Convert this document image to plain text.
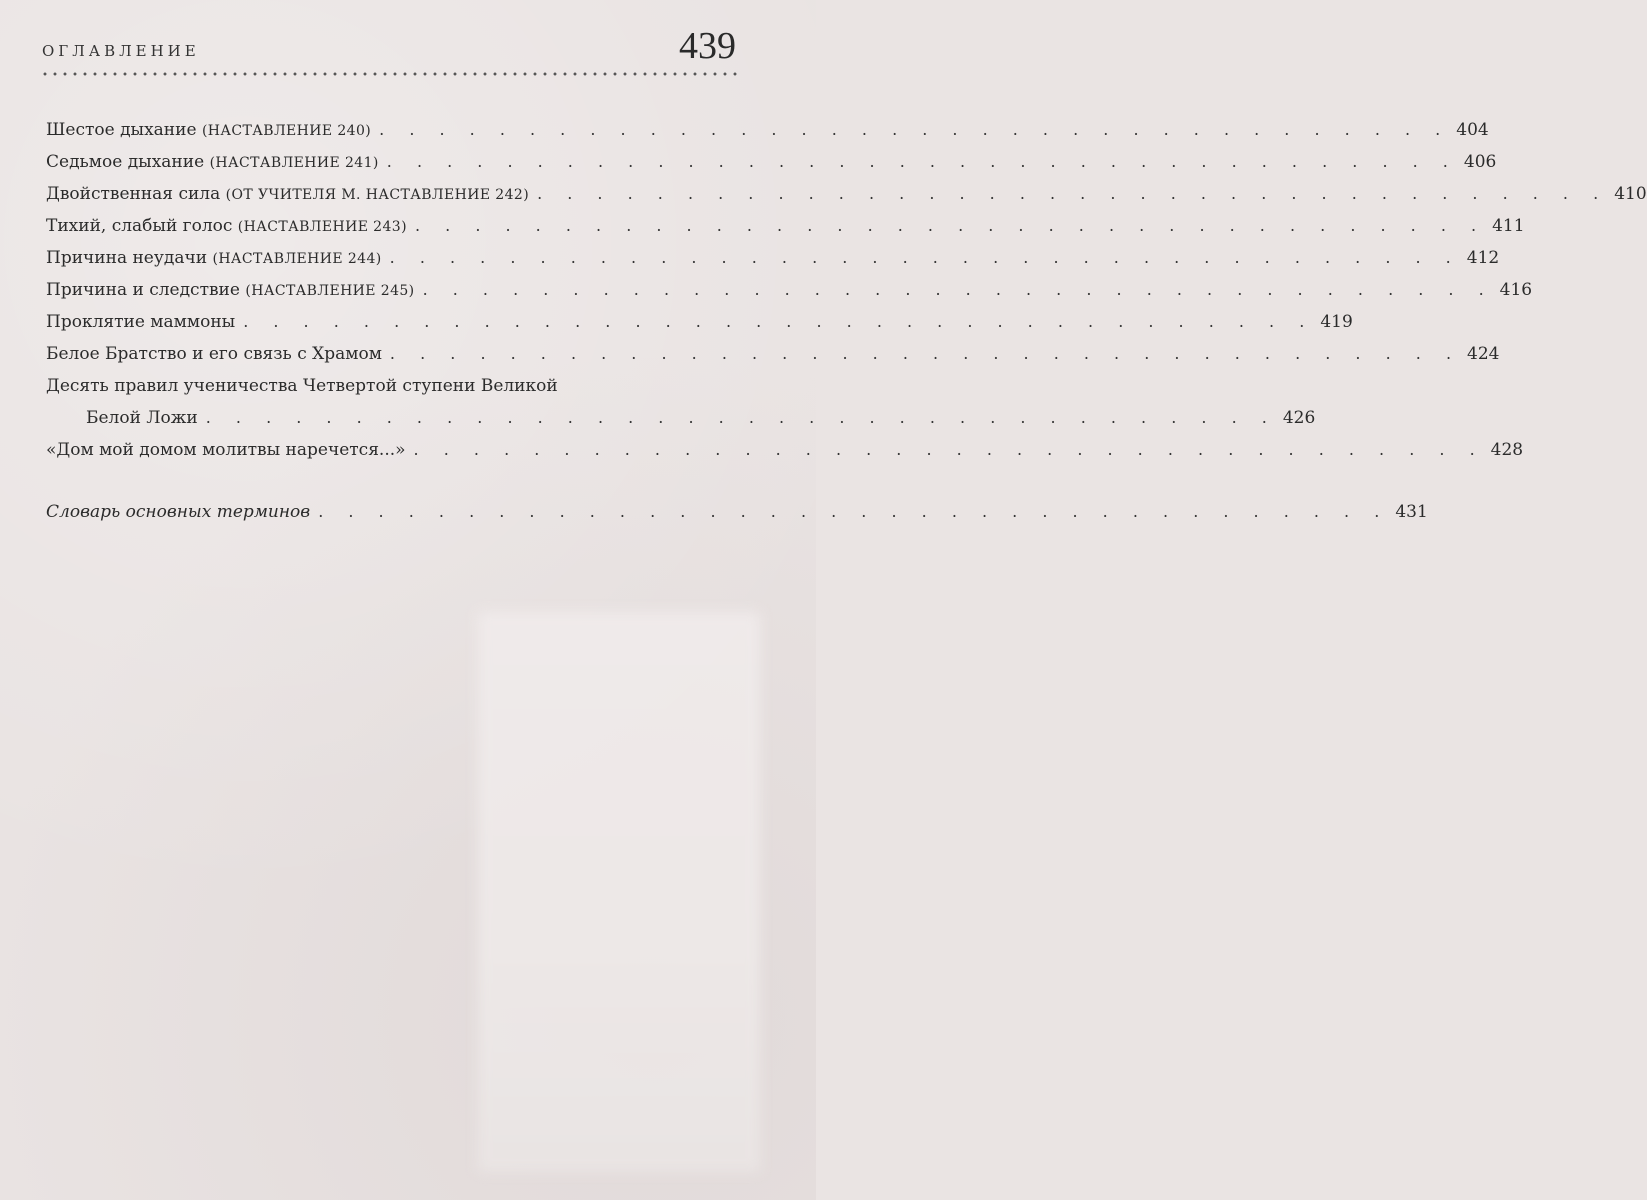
ОГЛАВЛЕНИЕ	439
Шестое дыхание (НАСТАВЛЕНИЕ 240) . . . . . . . . . . . . . . . . . . . . . . . . . . . . . . . . . . . . 404
Седьмое дыхание (НАСТАВЛЕНИЕ 241) . . . . . . . . . . . . . . . . . . . . . . . . . . . . . . . . . . . . 406
Двойственная сила (ОТ УЧИТЕЛЯ М. НАСТАВЛЕНИЕ 242) . . . . . . . . . . . . . . . . . . . . . . . . . . . . . . . . . . . . 410
Тихий, слабый голос (НАСТАВЛЕНИЕ 243) . . . . . . . . . . . . . . . . . . . . . . . . . . . . . . . . . . . . 411
Причина неудачи (НАСТАВЛЕНИЕ 244) . . . . . . . . . . . . . . . . . . . . . . . . . . . . . . . . . . . . 412
Причина и следствие (НАСТАВЛЕНИЕ 245) . . . . . . . . . . . . . . . . . . . . . . . . . . . . . . . . . . . . 416
Проклятие маммоны . . . . . . . . . . . . . . . . . . . . . . . . . . . . . . . . . . . . 419
Белое Братство и его связь с Храмом . . . . . . . . . . . . . . . . . . . . . . . . . . . . . . . . . . . . 424
Десять правил ученичества Четвертой ступени Великой
Белой Ложи . . . . . . . . . . . . . . . . . . . . . . . . . . . . . . . . . . . . 426
«Дом мой домом молитвы наречется...» . . . . . . . . . . . . . . . . . . . . . . . . . . . . . . . . . . . . 428
Словарь основных терминов . . . . . . . . . . . . . . . . . . . . . . . . . . . . . . . . . . . . 431
